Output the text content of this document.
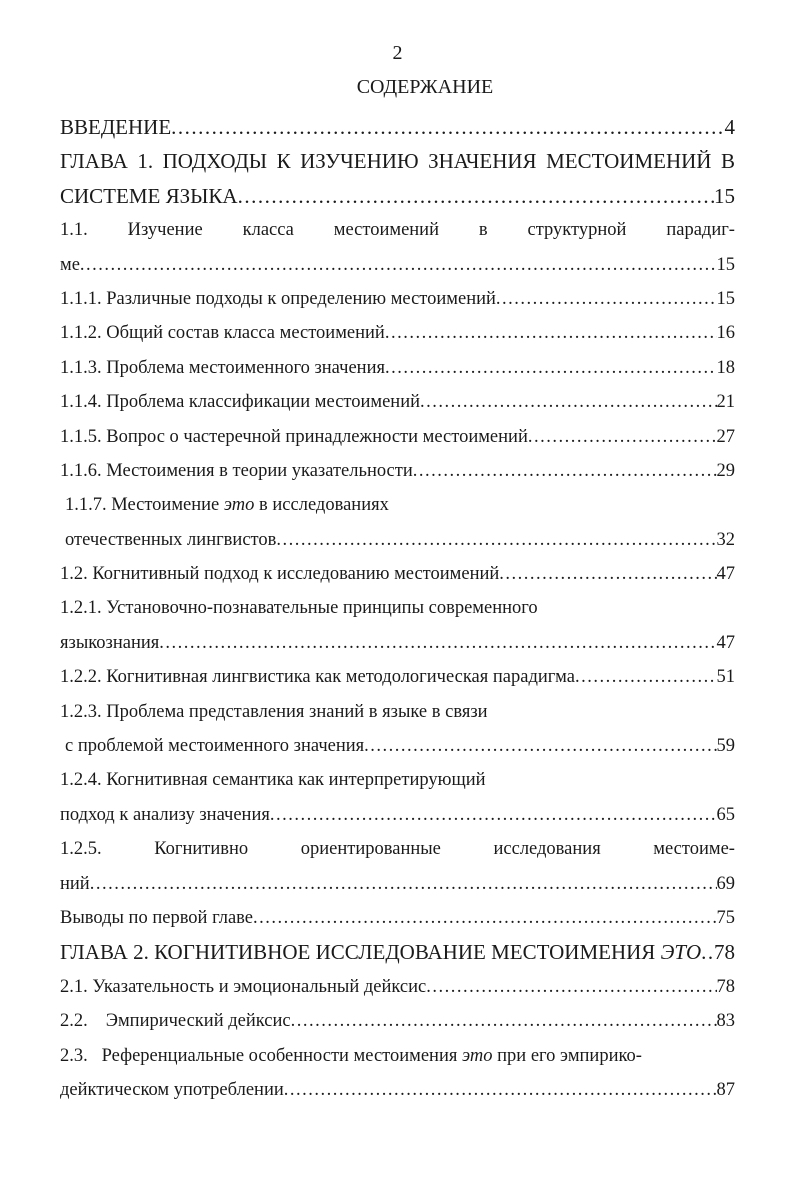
2
СОДЕРЖАНИЕ
ВВЕДЕНИЕ .....	4
ГЛАВА 1. ПОДХОДЫ К ИЗУЧЕНИЮ ЗНАЧЕНИЯ МЕСТОИМЕНИЙ В
СИСТЕМЕ ЯЗЫКА .....	15
1.1. Изучение класса местоимений в структурной парадиг-
ме .....	15
1.1.1. Различные подходы к определению местоимений .....	15
1.1.2. Общий состав класса местоимений .....	16
1.1.3. Проблема местоименного значения .....	18
1.1.4. Проблема классификации местоимений .....	21
1.1.5. Вопрос о частеречной принадлежности местоимений .....	27
1.1.6. Местоимения в теории указательности .....	29
1.1.7. Местоимение это в исследованиях
отечественных лингвистов .....	32
1.2. Когнитивный подход к исследованию местоимений .....	47
1.2.1. Установочно-познавательные принципы современного
языкознания .....	47
1.2.2. Когнитивная лингвистика как методологическая парадигма .....	51
1.2.3. Проблема представления знаний в языке в связи
с проблемой местоименного значения .....	59
1.2.4. Когнитивная семантика как интерпретирующий
подход к анализу значения .....	65
1.2.5.	Когнитивно	ориентированные	исследования	местоиме-
ний .....	69
Выводы по первой главе .....	75
ГЛАВА 2. КОГНИТИВНОЕ ИССЛЕДОВАНИЕ МЕСТОИМЕНИЯ ЭТО ..... 78
2.1. Указательность и эмоциональный дейксис .....	78
2.2. Эмпирический дейксис .....	83
2.3.   Референциальные особенности местоимения это при его эмпирико-
дейктическом употреблении .....	87
